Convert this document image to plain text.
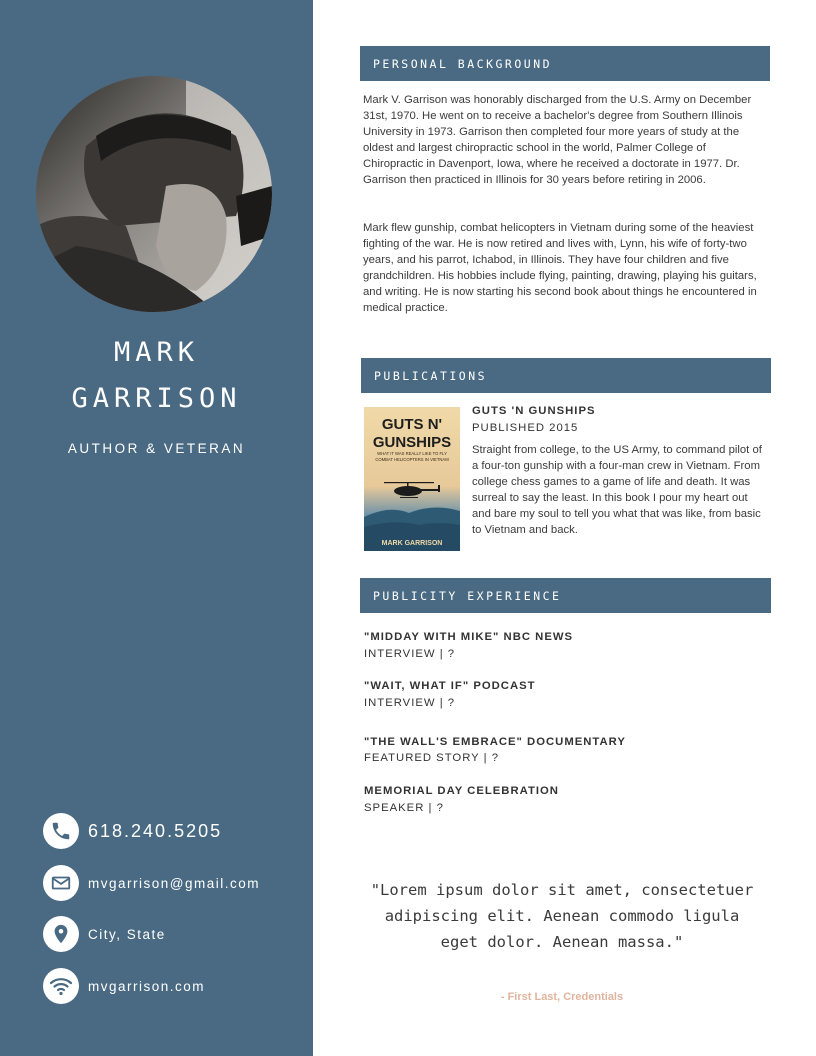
MARK
GARRISON
AUTHOR & VETERAN
618.240.5205
mvgarrison@gmail.com
City, State
mvgarrison.com
PERSONAL BACKGROUND
Mark V. Garrison was honorably discharged from the U.S. Army on December 31st, 1970. He went on to receive a bachelor's degree from Southern Illinois University in 1973. Garrison then completed four more years of study at the oldest and largest chiropractic school in the world, Palmer College of Chiropractic in Davenport, Iowa, where he received a doctorate in 1977. Dr. Garrison then practiced in Illinois for 30 years before retiring in 2006.
Mark flew gunship, combat helicopters in Vietnam during some of the heaviest fighting of the war. He is now retired and lives with, Lynn, his wife of forty-two years, and his parrot, Ichabod, in Illinois. They have four children and five grandchildren. His hobbies include flying, painting, drawing, playing his guitars, and writing. He is now starting his second book about things he encountered in medical practice.
PUBLICATIONS
GUTS N'
GUNSHIPS
WHAT IT WAS REALLY LIKE TO FLY
COMBAT HELICOPTERS IN VIETNAM
MARK GARRISON
GUTS 'N GUNSHIPS
PUBLISHED 2015
Straight from college, to the US Army, to command pilot of a four-ton gunship with a four-man crew in Vietnam. From college chess games to a game of life and death. It was surreal to say the least. In this book I pour my heart out and bare my soul to tell you what that was like, from basic to Vietnam and back.
PUBLICITY EXPERIENCE
"MIDDAY WITH MIKE" NBC NEWS
INTERVIEW | ?
"WAIT, WHAT IF" PODCAST
INTERVIEW | ?
"THE WALL'S EMBRACE" DOCUMENTARY
FEATURED STORY | ?
MEMORIAL DAY CELEBRATION
SPEAKER | ?
"Lorem ipsum dolor sit amet, consectetuer adipiscing elit. Aenean commodo ligula eget dolor. Aenean massa."
- First Last, Credentials
